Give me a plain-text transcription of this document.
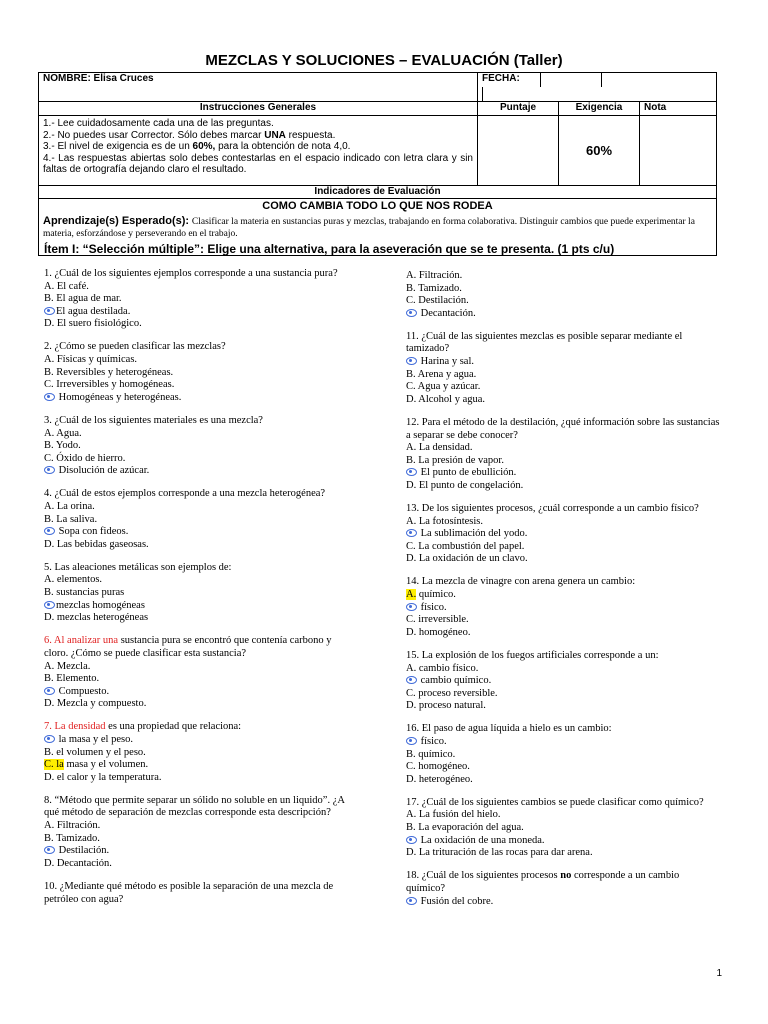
MEZCLAS Y SOLUCIONES – EVALUACIÓN (Taller)
NOMBRE: Elisa Cruces	FECHA:		
Instrucciones Generales	Puntaje	Exigencia	Nota

1.- Lee cuidadosamente cada una de las preguntas.
2.- No puedes usar Corrector. Sólo debes marcar UNA respuesta.
3.- El nivel de exigencia es de un 60%, para la obtención de nota 4,0.
4.- Las respuestas abiertas solo debes contestarlas en el espacio indicado con letra clara y sin faltas de ortografía dejando claro el resultado.		60%	
Indicadores de Evaluación			

COMO CAMBIA TODO LO QUE NOS RODEA
Aprendizaje(s) Esperado(s): Clasificar la materia en sustancias puras y mezclas, trabajando en forma colaborativa. Distinguir cambios que puede experimentar la materia, esforzándose y perseverando en el trabajo.			
Ítem I: “Selección múltiple”: Elige una alternativa, para la aseveración que se te presenta. (1 pts c/u)
1. ¿Cuál de los siguientes ejemplos corresponde a una sustancia pura?
A. El café.
B. El agua de mar.
El agua destilada.
D. El suero fisiológico.
2. ¿Cómo se pueden clasificar las mezclas?
A. Físicas y químicas.
B. Reversibles y heterogéneas.
C. Irreversibles y homogéneas.
Homogéneas y heterogéneas.
3. ¿Cuál de los siguientes materiales es una mezcla?
A. Agua.
B. Yodo.
C. Óxido de hierro.
Disolución de azúcar.
4. ¿Cuál de estos ejemplos corresponde a una mezcla heterogénea?
A. La orina.
B. La saliva.
Sopa con fideos.
D. Las bebidas gaseosas.
5. Las aleaciones metálicas son ejemplos de:
A. elementos.
B. sustancias puras
mezclas homogéneas
D. mezclas heterogéneas
6. Al analizar una sustancia pura se encontró que contenía carbono y cloro. ¿Cómo se puede clasificar esta sustancia?
A. Mezcla.
B. Elemento.
Compuesto.
D. Mezcla y compuesto.
7. La densidad es una propiedad que relaciona:
la masa y el peso.
B. el volumen y el peso.
C. la masa y el volumen.
D. el calor y la temperatura.
8. “Método que permite separar un sólido no soluble en un liquido”. ¿A qué método de separación de mezclas corresponde esta descripción?
A. Filtración.
B. Tamizado.
Destilación.
D. Decantación.
10. ¿Mediante qué método es posible la separación de una mezcla de petróleo con agua?
A. Filtración.
B. Tamizado.
C. Destilación.
Decantación.
11. ¿Cuál de las siguientes mezclas es posible separar mediante el tamizado?
Harina y sal.
B. Arena y agua.
C. Agua y azúcar.
D. Alcohol y agua.
12. Para el método de la destilación, ¿qué información sobre las sustancias a separar se debe conocer?
A. La densidad.
B. La presión de vapor.
El punto de ebullición.
D. El punto de congelación.
13. De los siguientes procesos, ¿cuál corresponde a un cambio físico?
A. La fotosíntesis.
La sublimación del yodo.
C. La combustión del papel.
D. La oxidación de un clavo.
14. La mezcla de vinagre con arena genera un cambio:
A. químico.
físico.
C. irreversible.
D. homogéneo.
15. La explosión de los fuegos artificiales corresponde a un:
A. cambio físico.
cambio químico.
C. proceso reversible.
D. proceso natural.
16. El paso de agua líquida a hielo es un cambio:
físico.
B. químico.
C. homogéneo.
D. heterogéneo.
17. ¿Cuál de los siguientes cambios se puede clasificar como químico?
A. La fusión del hielo.
B. La evaporación del agua.
La oxidación de una moneda.
D. La trituración de las rocas para dar arena.
18. ¿Cuál de los siguientes procesos no corresponde a un cambio químico?
Fusión del cobre.
1
